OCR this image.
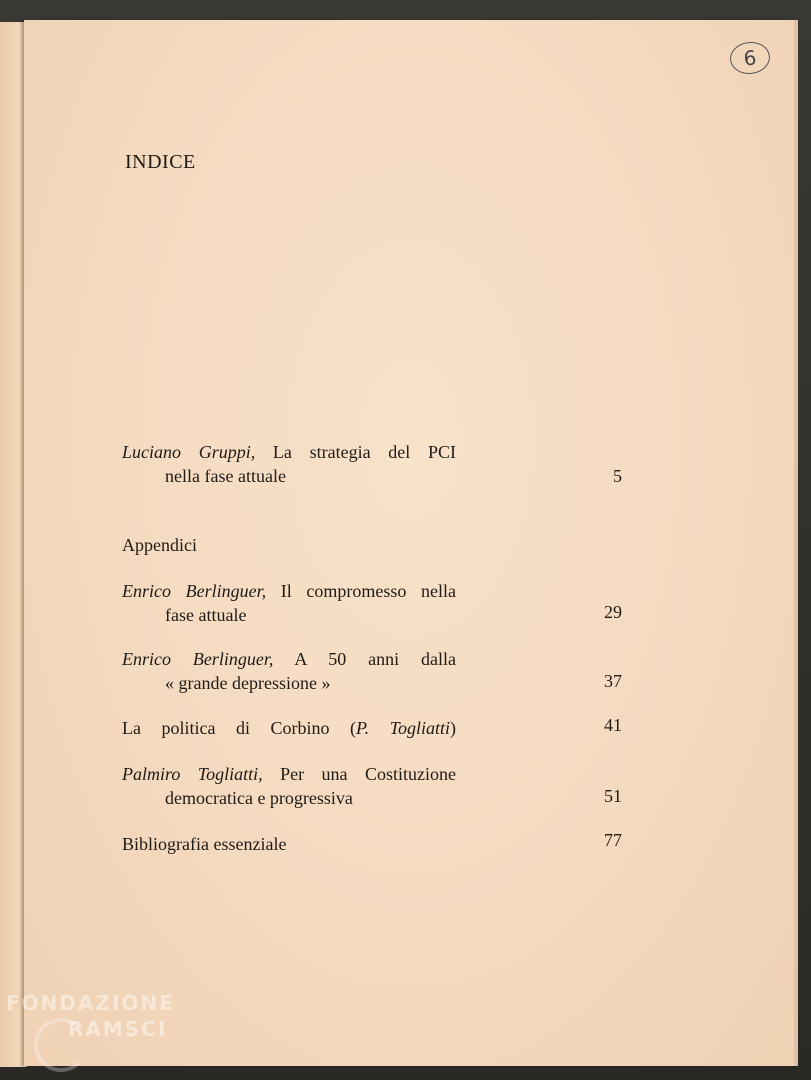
6
INDICE
Luciano Gruppi, La strategia del PCI
nella fase attuale	5
Appendici
Enrico Berlinguer, Il compromesso nella
fase attuale	29
Enrico Berlinguer, A 50 anni dalla
« grande depressione »	37
La politica di Corbino (P. Togliatti)	41
Palmiro Togliatti, Per una Costituzione
democratica e progressiva	51
Bibliografia essenziale	77
FONDAZIONE
RAMSCI
